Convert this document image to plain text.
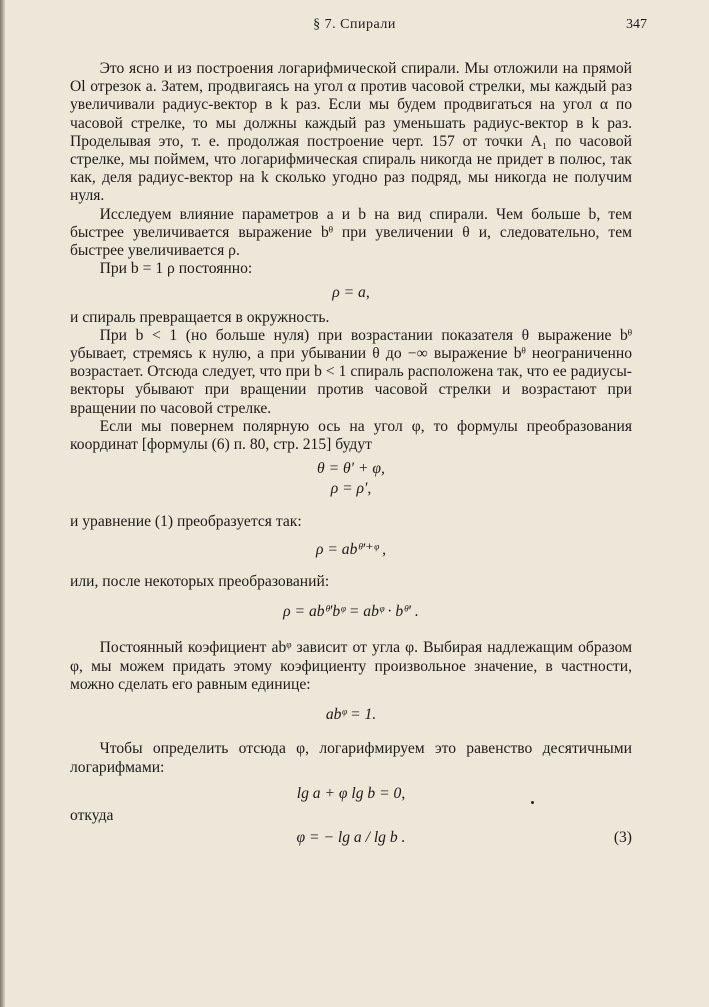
§ 7. Спирали	347

Это ясно и из построения логарифмической спирали. Мы отложили на прямой Ol отрезок a. Затем, продвигаясь на угол α против часовой стрелки, мы каждый раз увеличивали радиус-вектор в k раз. Если мы будем продвигаться на угол α по часовой стрелке, то мы должны каждый раз уменьшать радиус-вектор в k раз. Проделывая это, т. е. продолжая построение черт. 157 от точки A₁ по часовой стрелке, мы поймем, что логарифмическая спираль никогда не придет в полюс, так как, деля радиус-вектор на k сколько угодно раз подряд, мы никогда не получим нуля.

Исследуем влияние параметров a и b на вид спирали. Чем больше b, тем быстрее увеличивается выражение bᶿ при увеличении θ и, следовательно, тем быстрее увеличивается ρ.

При b = 1 ρ постоянно:

ρ = a,

и спираль превращается в окружность.

При b < 1 (но больше нуля) при возрастании показателя θ выражение bᶿ убывает, стремясь к нулю, а при убывании θ до −∞ выражение bᶿ неограниченно возрастает. Отсюда следует, что при b < 1 спираль расположена так, что ее радиусы-векторы убывают при вращении против часовой стрелки и возрастают при вращении по часовой стрелке.

Если мы повернем полярную ось на угол φ, то формулы преобразования координат [формулы (6) п. 80, стр. 215] будут

θ = θ′ + φ,
ρ = ρ′,

и уравнение (1) преобразуется так:

ρ = abᶿ′⁺ᵠ ,

или, после некоторых преобразований:

ρ = abᶿ′bᵠ = abᵠ · bᶿ′ .

Постоянный коэфициент abᵠ зависит от угла φ. Выбирая надлежащим образом φ, мы можем придать этому коэфициенту произвольное значение, в частности, можно сделать его равным единице:

abᵠ = 1.

Чтобы определить отсюда φ, логарифмируем это равенство десятичными логарифмами:

lg a + φ lg b = 0,

откуда

φ = − lg a / lg b .	(3)
